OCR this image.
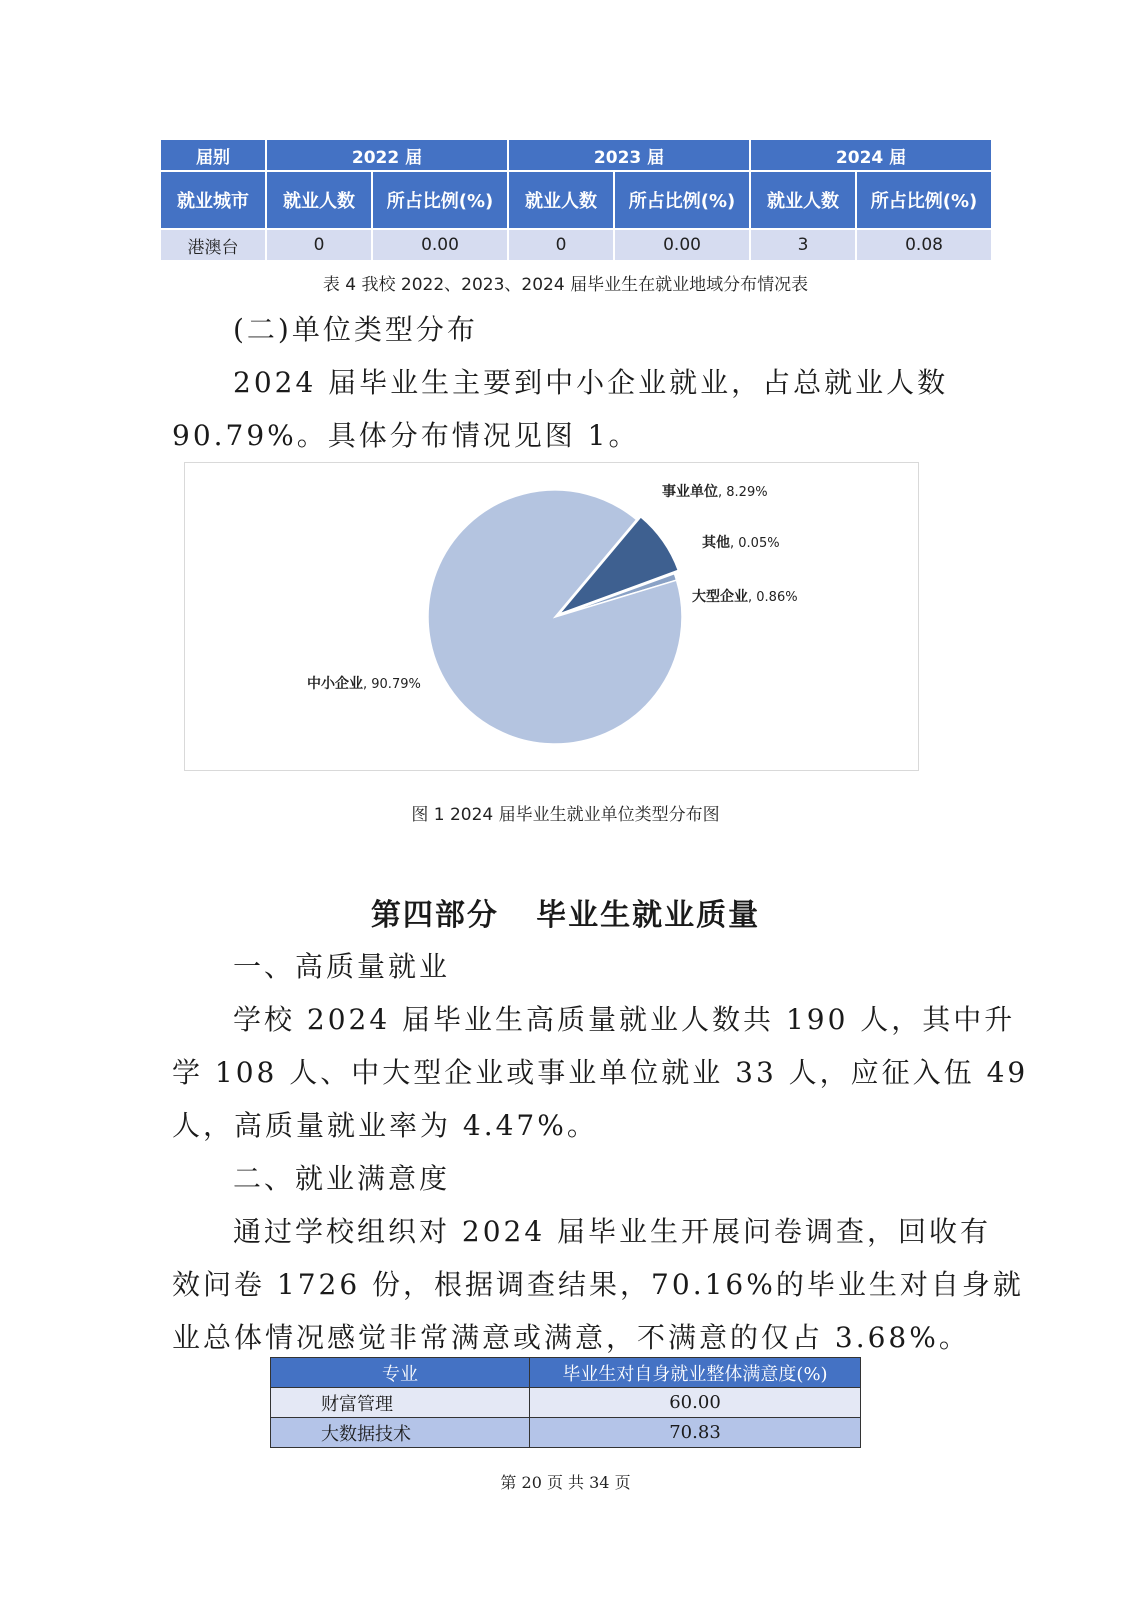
届别	2022 届		2023 届		2024 届	
就业城市	就业人数	所占比例(%)	就业人数	所占比例(%)	就业人数	所占比例(%)
港澳台	0	0.00	0	0.00	3	0.08
表 4 我校 2022、2023、2024 届毕业生在就业地域分布情况表
(二)单位类型分布
2024 届毕业生主要到中小企业就业，占总就业人数
90.79%。具体分布情况见图 1。
中小企业, 90.79%
事业单位, 8.29%
其他, 0.05%
大型企业, 0.86%
图 1 2024 届毕业生就业单位类型分布图
第四部分   毕业生就业质量
一、高质量就业
学校 2024 届毕业生高质量就业人数共 190 人，其中升
学 108 人、中大型企业或事业单位就业 33 人，应征入伍 49
人，高质量就业率为 4.47%。
二、就业满意度
通过学校组织对 2024 届毕业生开展问卷调查，回收有
效问卷 1726 份，根据调查结果，70.16%的毕业生对自身就
业总体情况感觉非常满意或满意，不满意的仅占 3.68%。
专业	毕业生对自身就业整体满意度(%)
财富管理	60.00
大数据技术	70.83
第 20 页 共 34 页
